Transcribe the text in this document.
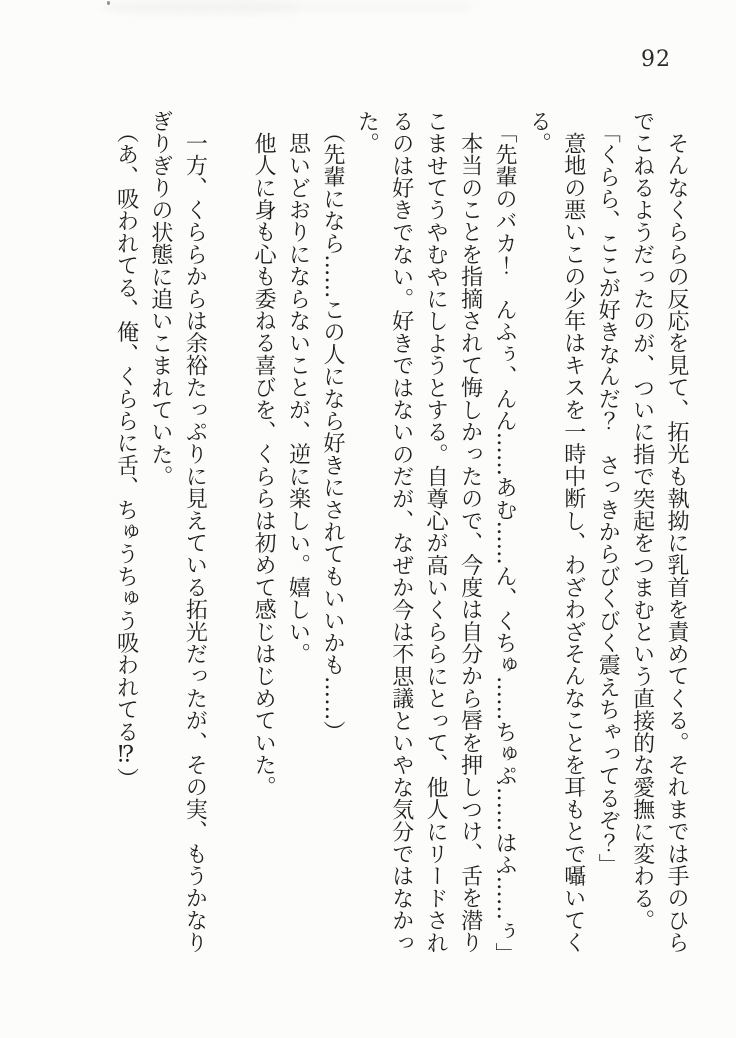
92

そんなくららの反応を見て、拓光も執拗に乳首を責めてくる。それまでは手のひらでこねるようだったのが、ついに指で突起をつまむという直接的な愛撫に変わる。

「くらら、ここが好きなんだ？　さっきからびくびく震えちゃってるぞ？」

意地の悪いこの少年はキスを一時中断し、わざわざそんなことを耳もとで囁いてくる。

「先輩のバカ！　んふぅ、んん……あむ……ん、くちゅ……ちゅぷ……はふ……ぅ」

本当のことを指摘されて悔しかったので、今度は自分から唇を押しつけ、舌を潜りこませてうやむやにしようとする。自尊心が高いくららにとって、他人にリードされるのは好きでない。好きではないのだが、なぜか今は不思議といやな気分ではなかった。

（先輩になら……この人になら好きにされてもいいかも……）

思いどおりにならないことが、逆に楽しい。嬉しい。

他人に身も心も委ねる喜びを、くららは初めて感じはじめていた。

一方、くららからは余裕たっぷりに見えている拓光だったが、その実、もうかなりぎりぎりの状態に追いこまれていた。

（あ、吸われてる、俺、くららに舌、ちゅうちゅう吸われてる⁉）
